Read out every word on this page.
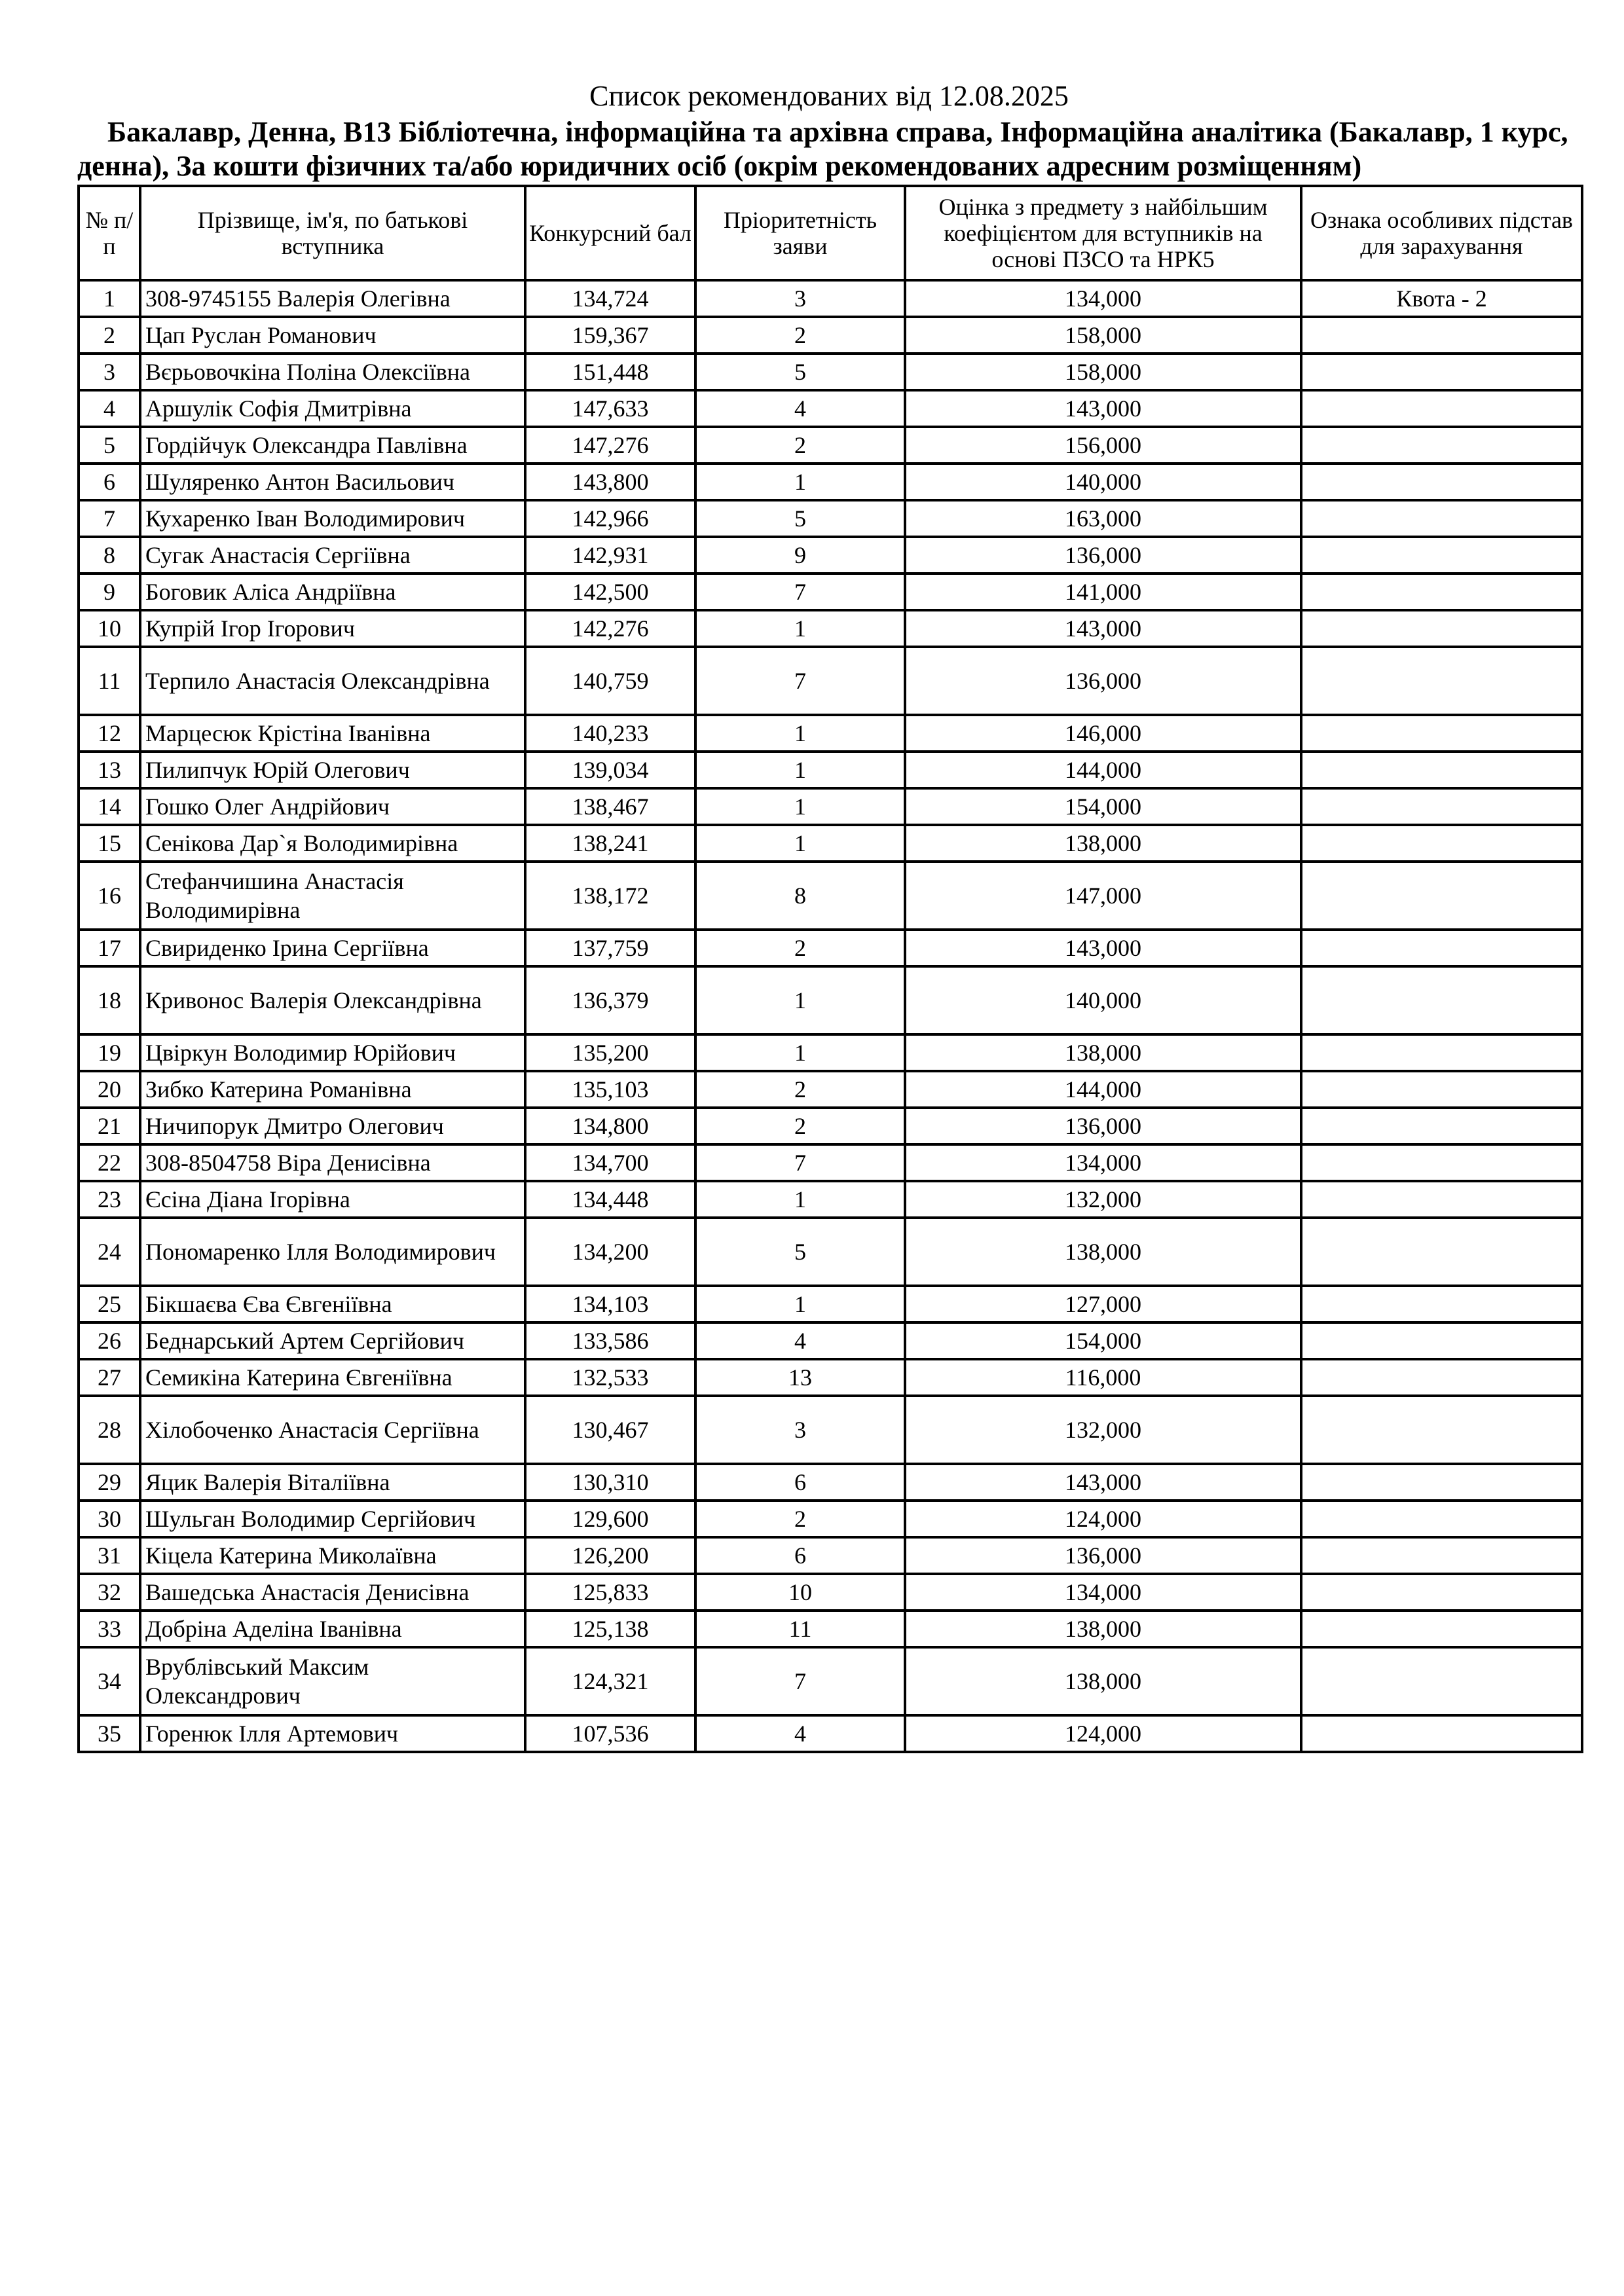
Список рекомендованих від 12.08.2025

Бакалавр, Денна, B13 Бібліотечна, інформаційна та архівна справа, Інформаційна аналітика (Бакалавр, 1 курс, денна), За кошти фізичних та/або юридичних осіб (окрім рекомендованих адресним розміщенням)

№ п/п	Прізвище, ім'я, по батькові вступника	Конкурсний бал	Пріоритетність заяви	Оцінка з предмету з найбільшим коефіцієнтом для вступників на основі ПЗСО та НРК5	Ознака особливих підстав для зарахування
1	308-9745155 Валерія Олегівна	134,724	3	134,000	Квота - 2
2	Цап Руслан Романович	159,367	2	158,000	
3	Вєрьовочкіна Поліна Олексіївна	151,448	5	158,000	
4	Аршулік Софія Дмитрівна	147,633	4	143,000	
5	Гордійчук Олександра Павлівна	147,276	2	156,000	
6	Шуляренко Антон Васильович	143,800	1	140,000	
7	Кухаренко Іван Володимирович	142,966	5	163,000	
8	Сугак Анастасія Сергіївна	142,931	9	136,000	
9	Боговик Аліса Андріївна	142,500	7	141,000	
10	Купрій Ігор Ігорович	142,276	1	143,000	
11	Терпило Анастасія Олександрівна	140,759	7	136,000	
12	Марцесюк Крістіна Іванівна	140,233	1	146,000	
13	Пилипчук Юрій Олегович	139,034	1	144,000	
14	Гошко Олег Андрійович	138,467	1	154,000	
15	Сенікова Дар`я Володимирівна	138,241	1	138,000	
16	Стефанчишина Анастасія Володимирівна	138,172	8	147,000	
17	Свириденко Ірина Сергіївна	137,759	2	143,000	
18	Кривонос Валерія Олександрівна	136,379	1	140,000	
19	Цвіркун Володимир Юрійович	135,200	1	138,000	
20	Зибко Катерина Романівна	135,103	2	144,000	
21	Ничипорук Дмитро Олегович	134,800	2	136,000	
22	308-8504758 Віра Денисівна	134,700	7	134,000	
23	Єсіна Діана Ігорівна	134,448	1	132,000	
24	Пономаренко Ілля Володимирович	134,200	5	138,000	
25	Бікшаєва Єва Євгеніївна	134,103	1	127,000	
26	Беднарський Артем Сергійович	133,586	4	154,000	
27	Семикіна Катерина Євгеніївна	132,533	13	116,000	
28	Хілобоченко Анастасія Сергіївна	130,467	3	132,000	
29	Яцик Валерія Віталіївна	130,310	6	143,000	
30	Шульган Володимир Сергійович	129,600	2	124,000	
31	Кіцела Катерина Миколаївна	126,200	6	136,000	
32	Вашедська Анастасія Денисівна	125,833	10	134,000	
33	Добріна Аделіна Іванівна	125,138	11	138,000	
34	Врублівський Максим Олександрович	124,321	7	138,000	
35	Горенюк Ілля Артемович	107,536	4	124,000	
